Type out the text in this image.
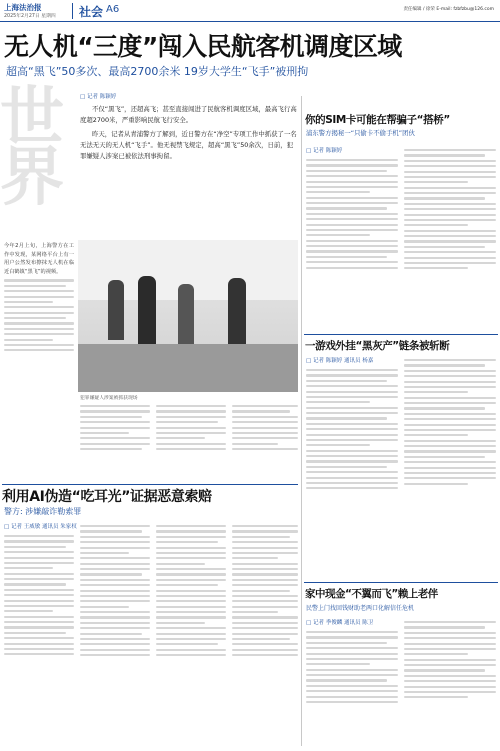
上海法治报
2025年2月27日 星期四 社会 A6	责任编辑 / 徐荣 E-mail: fzbfzbu@126.com
无人机“三度”闯入民航客机调度区域
超高“黑飞”50多次、最高2700余米 19岁大学生“飞手”被刑拘
世
界
□ 记者 陈颖婷
不仅“黑飞”，还超高飞；甚至直接闯进了民航客机调度区域，最高飞行高度超2700米，严重影响民航飞行安全。
昨天，记者从青浦警方了解到，近日警方在“净空”专项工作中抓获了一名无法无天的无人机“飞手”。他无视禁飞规定，超高“黑飞”50余次，日前，犯罪嫌疑人涉案已被依法刑事拘留。
今年2月上旬，上海警方在工作中发现，某网络平台上有一用户公然发布擦抹无人机在临近白鹤镇“黑飞”的视频。
犯罪嫌疑人涉案被抓获现场
利用AI伪造“吃耳光”证据恶意索赔
警方: 涉嫌敲诈勒索罪
□ 记者 王威敏 通讯员 朱家权
你的SIM卡可能在帮骗子“搭桥”
浦东警方揭秘一“只偷卡不偷手机”团伙
□ 记者 陈颖婷
一游戏外挂“黑灰产”链条被斩断
□ 记者 陈颖婷 通讯员 杨嘉
家中现金“不翼而飞”赖上老伴
民警上门找回钱财助老两口化解信任危机
□ 记者 季俊麟 通讯员 陈卫
